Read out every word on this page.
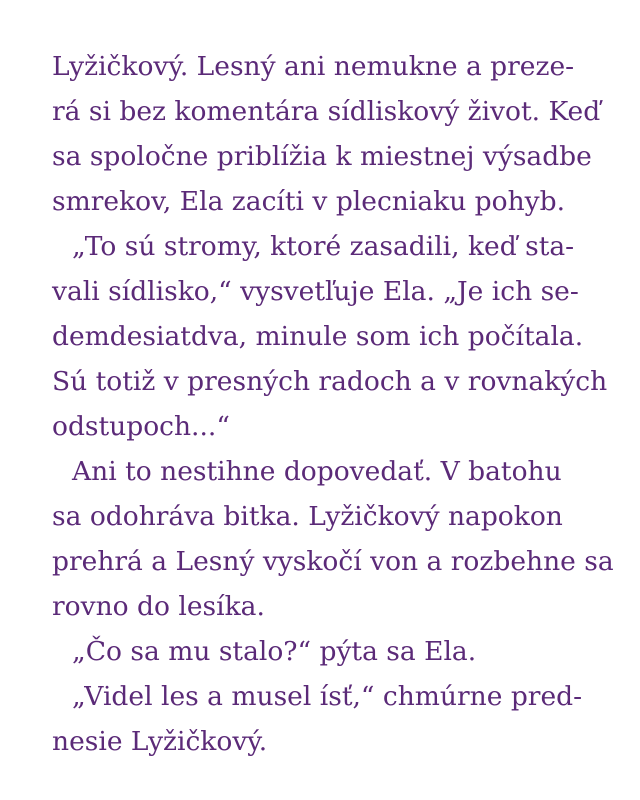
Lyžičkový. Lesný ani nemukne a preze-
rá si bez komentára sídliskový život. Keď
sa spoločne priblížia k miestnej výsadbe
smrekov, Ela zacíti v plecniaku pohyb.
„To sú stromy, ktoré zasadili, keď sta-
vali sídlisko,“ vysvetľuje Ela. „Je ich se-
demdesiatdva, minule som ich počítala.
Sú totiž v presných radoch a v rovnakých
odstupoch...“
Ani to nestihne dopovedať. V batohu
sa odohráva bitka. Lyžičkový napokon
prehrá a Lesný vyskočí von a rozbehne sa
rovno do lesíka.
„Čo sa mu stalo?“ pýta sa Ela.
„Videl les a musel ísť,“ chmúrne pred-
nesie Lyžičkový.
